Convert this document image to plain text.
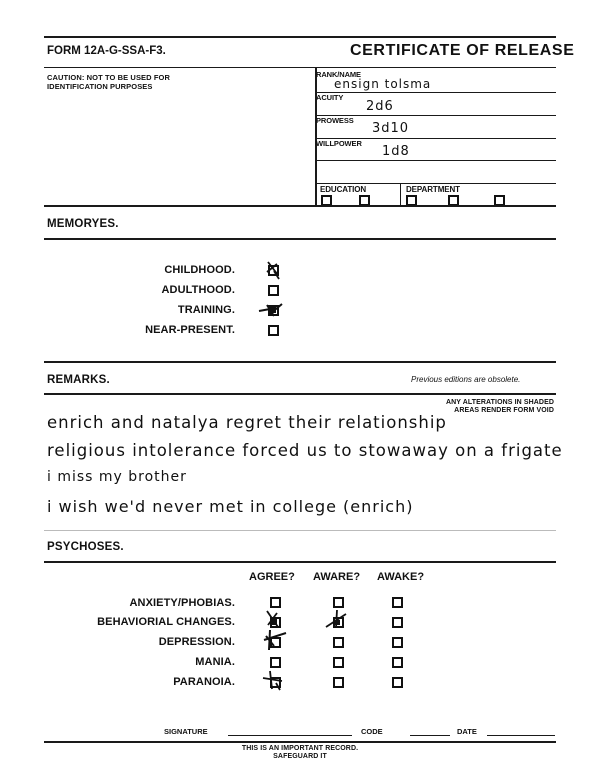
FORM 12A-G-SSA-F3.	CERTIFICATE OF RELEASE
CAUTION: NOT TO BE USED FOR
IDENTIFICATION PURPOSES
RANK/NAME
ensign tolsma
ACUITY
2d6
PROWESS
3d10
WILLPOWER
1d8
EDUCATION	DEPARTMENT
MEMORYES.
CHILDHOOD.
ADULTHOOD.
TRAINING.
NEAR-PRESENT.
REMARKS.	Previous editions are obsolete.
ANY ALTERATIONS IN SHADED
AREAS RENDER FORM VOID
enrich and natalya regret their relationship
religious intolerance forced us to stowaway on a frigate
i miss my brother
i wish we'd never met in college (enrich)
PSYCHOSES.
AGREE? AWARE? AWAKE?
ANXIETY/PHOBIAS.
BEHAVIORIAL CHANGES.
DEPRESSION.
MANIA.
PARANOIA.
SIGNATURE	CODE	DATE
THIS IS AN IMPORTANT RECORD.
SAFEGUARD IT
